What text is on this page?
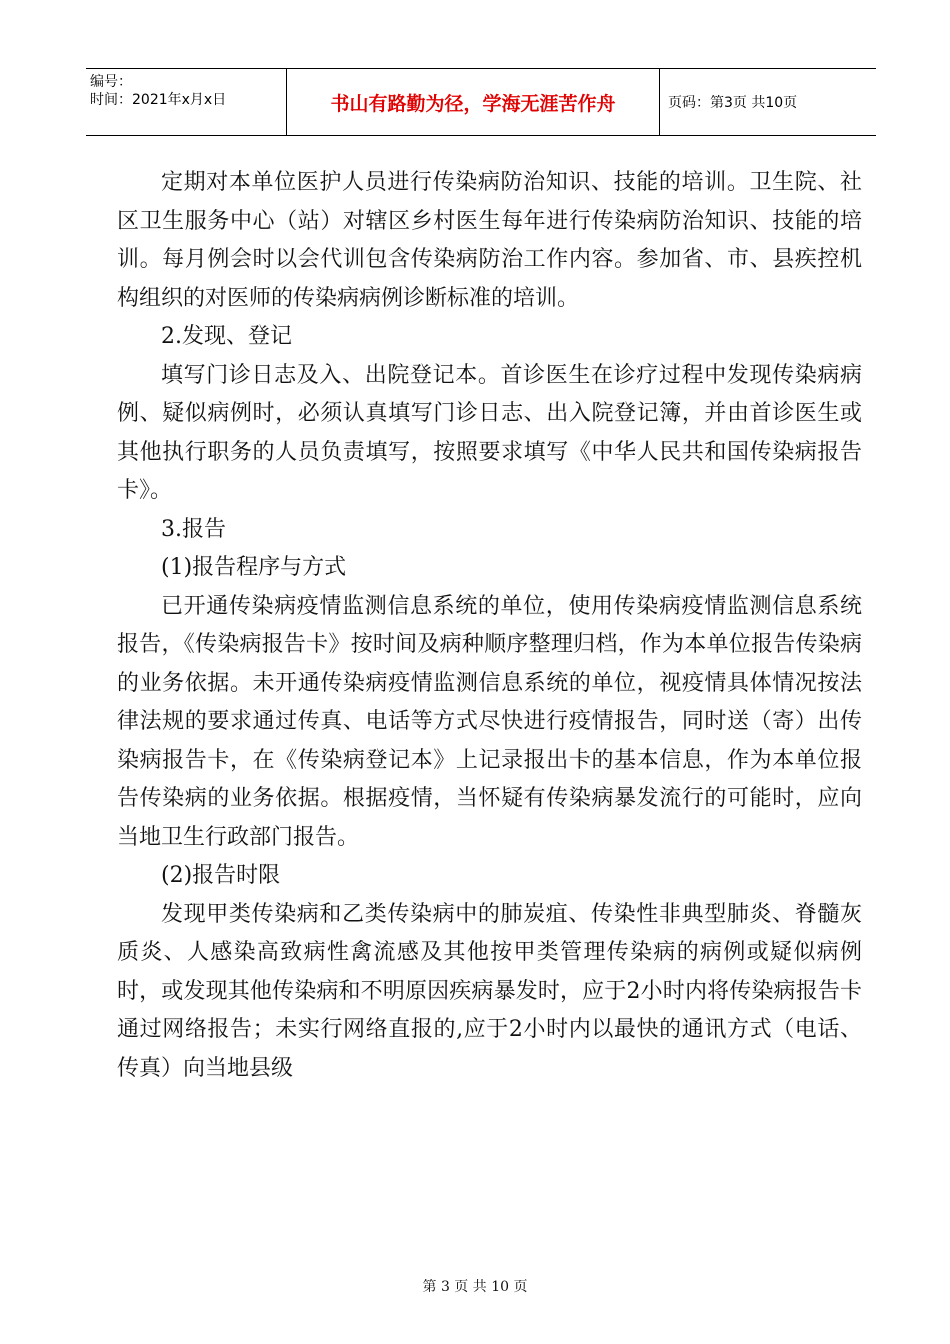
编号：
时间：2021年x月x日	书山有路勤为径，学海无涯苦作舟	页码：第3页 共10页

定期对本单位医护人员进行传染病防治知识、技能的培训。卫生院、社区卫生服务中心（站）对辖区乡村医生每年进行传染病防治知识、技能的培训。每月例会时以会代训包含传染病防治工作内容。参加省、市、县疾控机构组织的对医师的传染病病例诊断标准的培训。

2.发现、登记

填写门诊日志及入、出院登记本。首诊医生在诊疗过程中发现传染病病例、疑似病例时，必须认真填写门诊日志、出入院登记簿，并由首诊医生或其他执行职务的人员负责填写，按照要求填写《中华人民共和国传染病报告卡》。

3.报告

(1)报告程序与方式

已开通传染病疫情监测信息系统的单位，使用传染病疫情监测信息系统报告，《传染病报告卡》按时间及病种顺序整理归档，作为本单位报告传染病的业务依据。未开通传染病疫情监测信息系统的单位，视疫情具体情况按法律法规的要求通过传真、电话等方式尽快进行疫情报告，同时送（寄）出传染病报告卡，在《传染病登记本》上记录报出卡的基本信息，作为本单位报告传染病的业务依据。根据疫情，当怀疑有传染病暴发流行的可能时，应向当地卫生行政部门报告。

(2)报告时限

发现甲类传染病和乙类传染病中的肺炭疽、传染性非典型肺炎、脊髓灰质炎、人感染高致病性禽流感及其他按甲类管理传染病的病例或疑似病例时，或发现其他传染病和不明原因疾病暴发时，应于2小时内将传染病报告卡通过网络报告；未实行网络直报的,应于2小时内以最快的通讯方式（电话、传真）向当地县级

第 3 页 共 10 页
